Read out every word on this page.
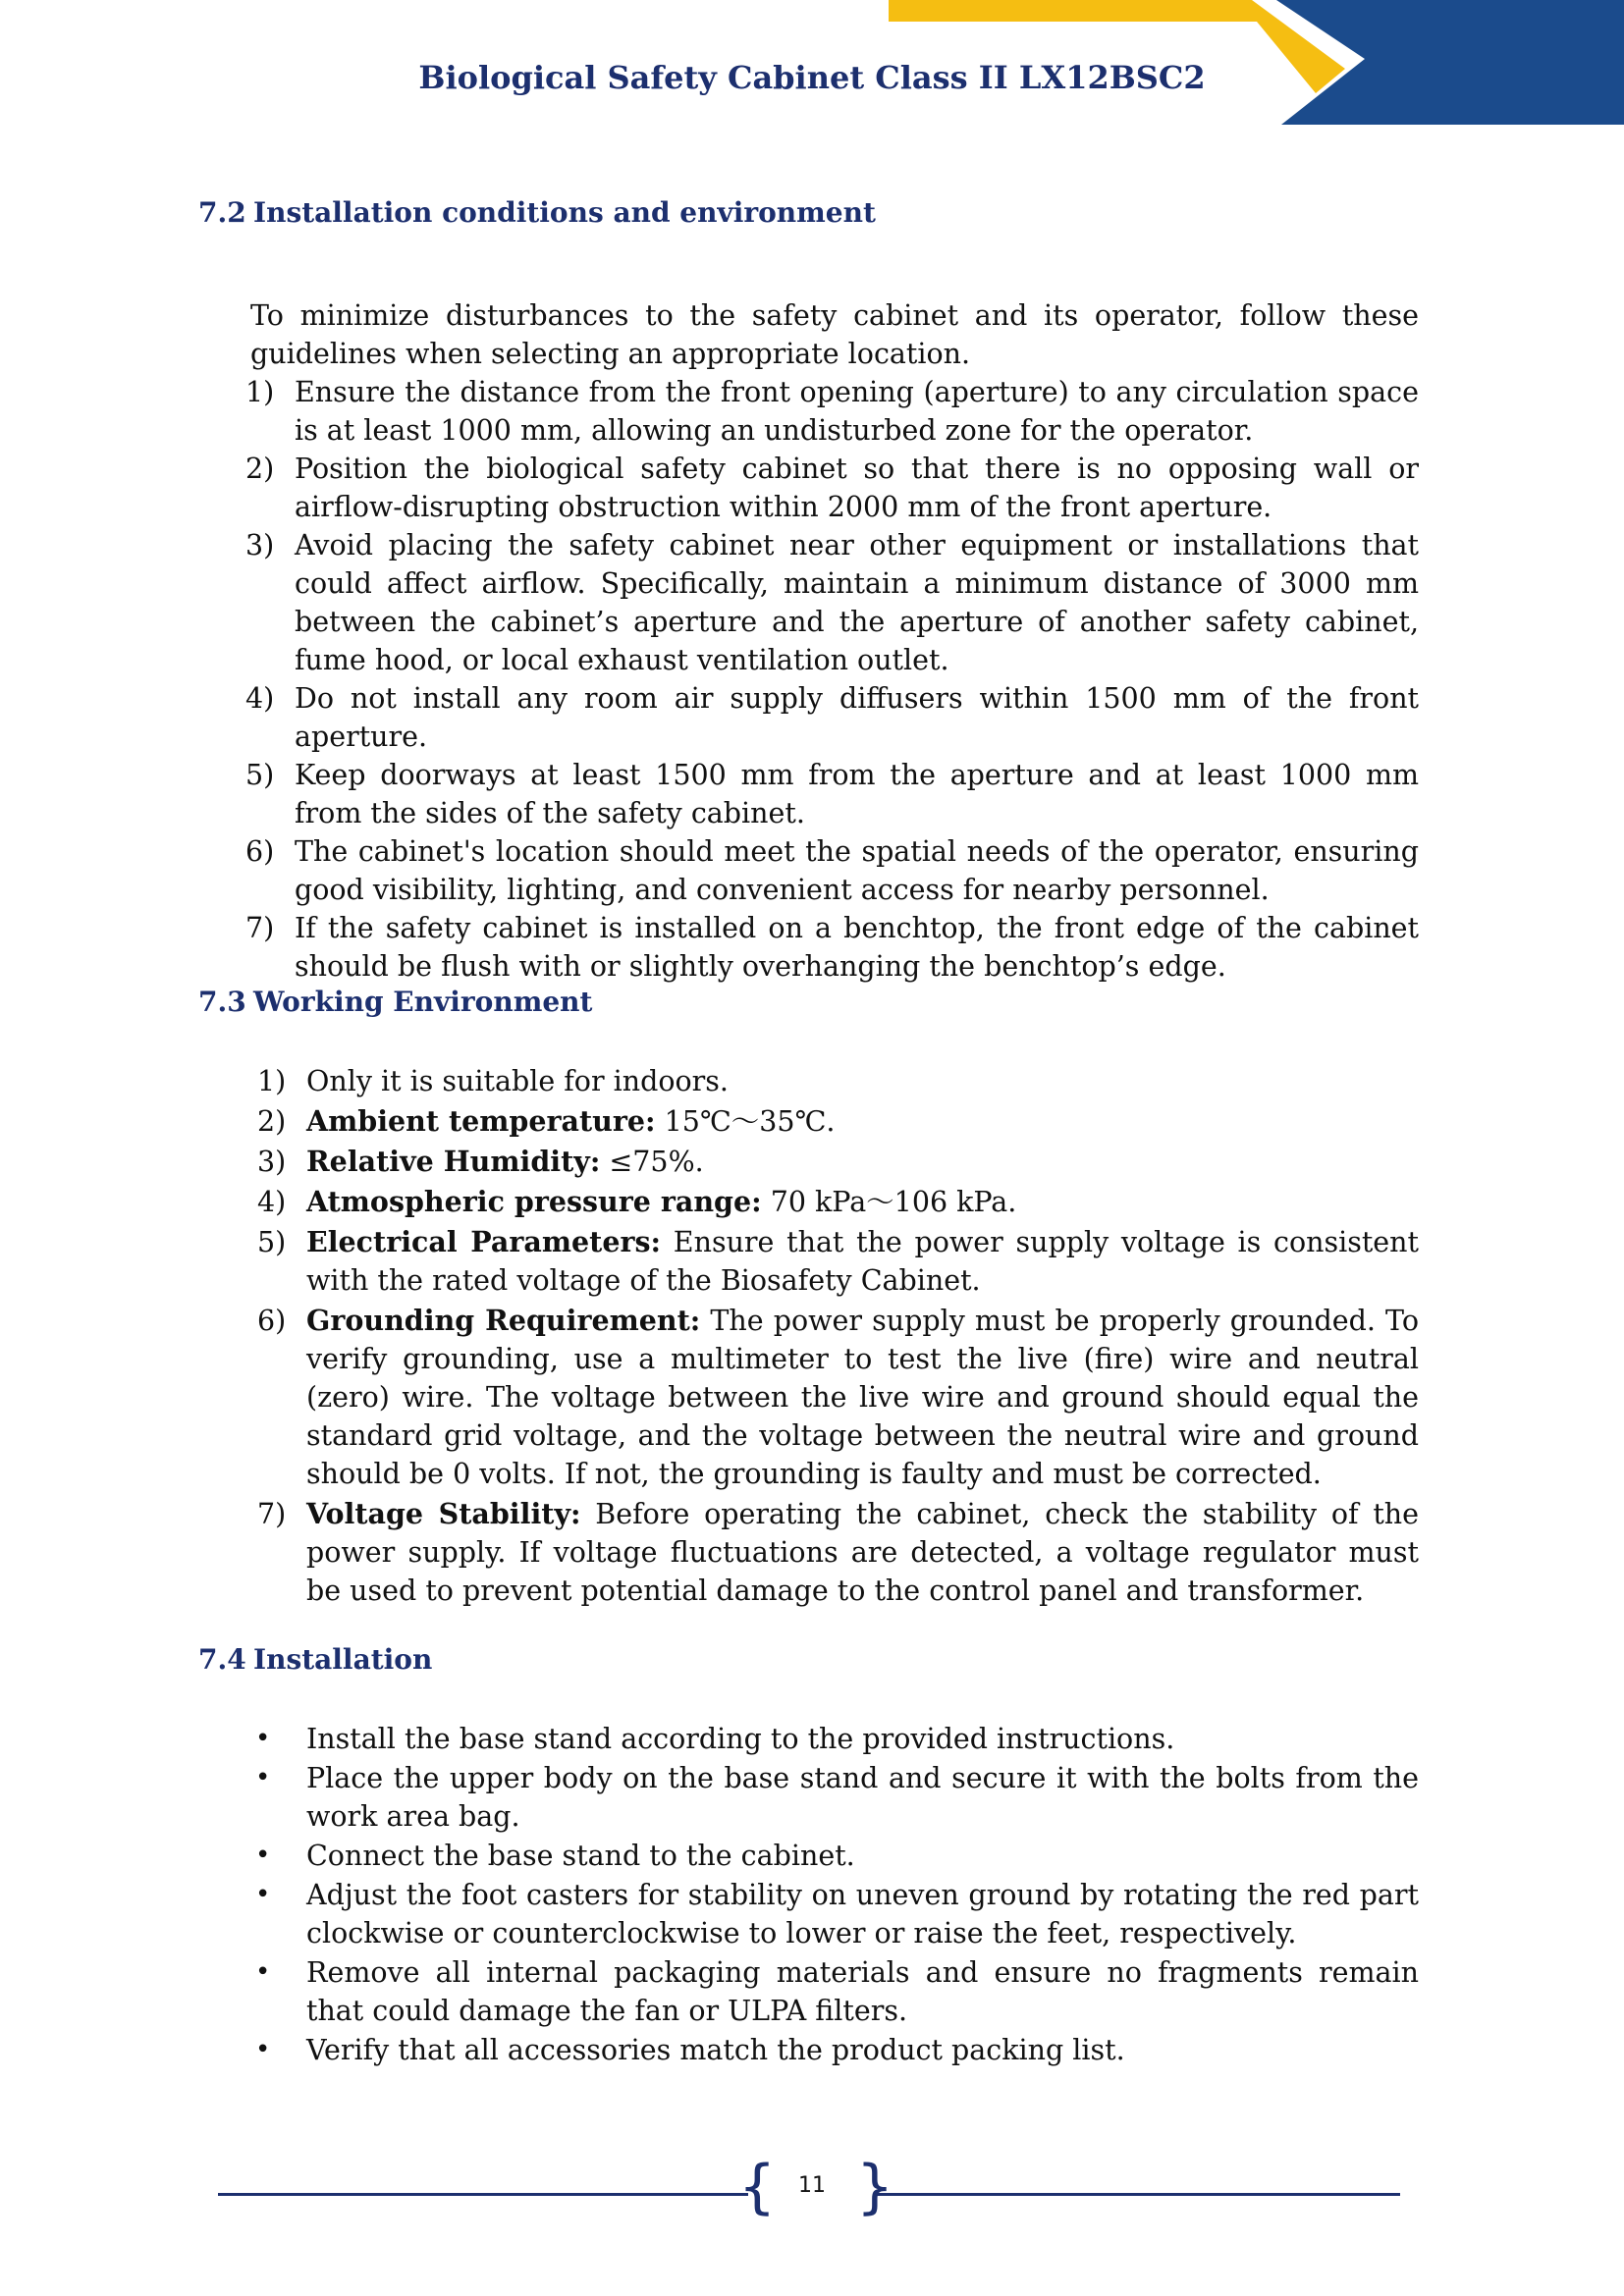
Biological Safety Cabinet Class II LX12BSC2
7.2 Installation conditions and environment
To minimize disturbances to the safety cabinet and its operator, follow these guidelines when selecting an appropriate location.
1) Ensure the distance from the front opening (aperture) to any circulation space is at least 1000 mm, allowing an undisturbed zone for the operator.
2) Position the biological safety cabinet so that there is no opposing wall or airflow-disrupting obstruction within 2000 mm of the front aperture.
3) Avoid placing the safety cabinet near other equipment or installations that could affect airflow. Specifically, maintain a minimum distance of 3000 mm between the cabinet’s aperture and the aperture of another safety cabinet, fume hood, or local exhaust ventilation outlet.
4) Do not install any room air supply diffusers within 1500 mm of the front aperture.
5) Keep doorways at least 1500 mm from the aperture and at least 1000 mm from the sides of the safety cabinet.
6) The cabinet's location should meet the spatial needs of the operator, ensuring good visibility, lighting, and convenient access for nearby personnel.
7) If the safety cabinet is installed on a benchtop, the front edge of the cabinet should be flush with or slightly overhanging the benchtop’s edge.
7.3 Working Environment
1) Only it is suitable for indoors.
2) Ambient temperature: 15℃～35℃.
3) Relative Humidity: ≤75%.
4) Atmospheric pressure range: 70 kPa～106 kPa.
5) Electrical Parameters: Ensure that the power supply voltage is consistent with the rated voltage of the Biosafety Cabinet.
6) Grounding Requirement: The power supply must be properly grounded. To verify grounding, use a multimeter to test the live (fire) wire and neutral (zero) wire. The voltage between the live wire and ground should equal the standard grid voltage, and the voltage between the neutral wire and ground should be 0 volts. If not, the grounding is faulty and must be corrected.
7) Voltage Stability: Before operating the cabinet, check the stability of the power supply. If voltage fluctuations are detected, a voltage regulator must be used to prevent potential damage to the control panel and transformer.
7.4 Installation
• Install the base stand according to the provided instructions.
• Place the upper body on the base stand and secure it with the bolts from the work area bag.
• Connect the base stand to the cabinet.
• Adjust the foot casters for stability on uneven ground by rotating the red part clockwise or counterclockwise to lower or raise the feet, respectively.
• Remove all internal packaging materials and ensure no fragments remain that could damage the fan or ULPA filters.
• Verify that all accessories match the product packing list.
{	11 }
